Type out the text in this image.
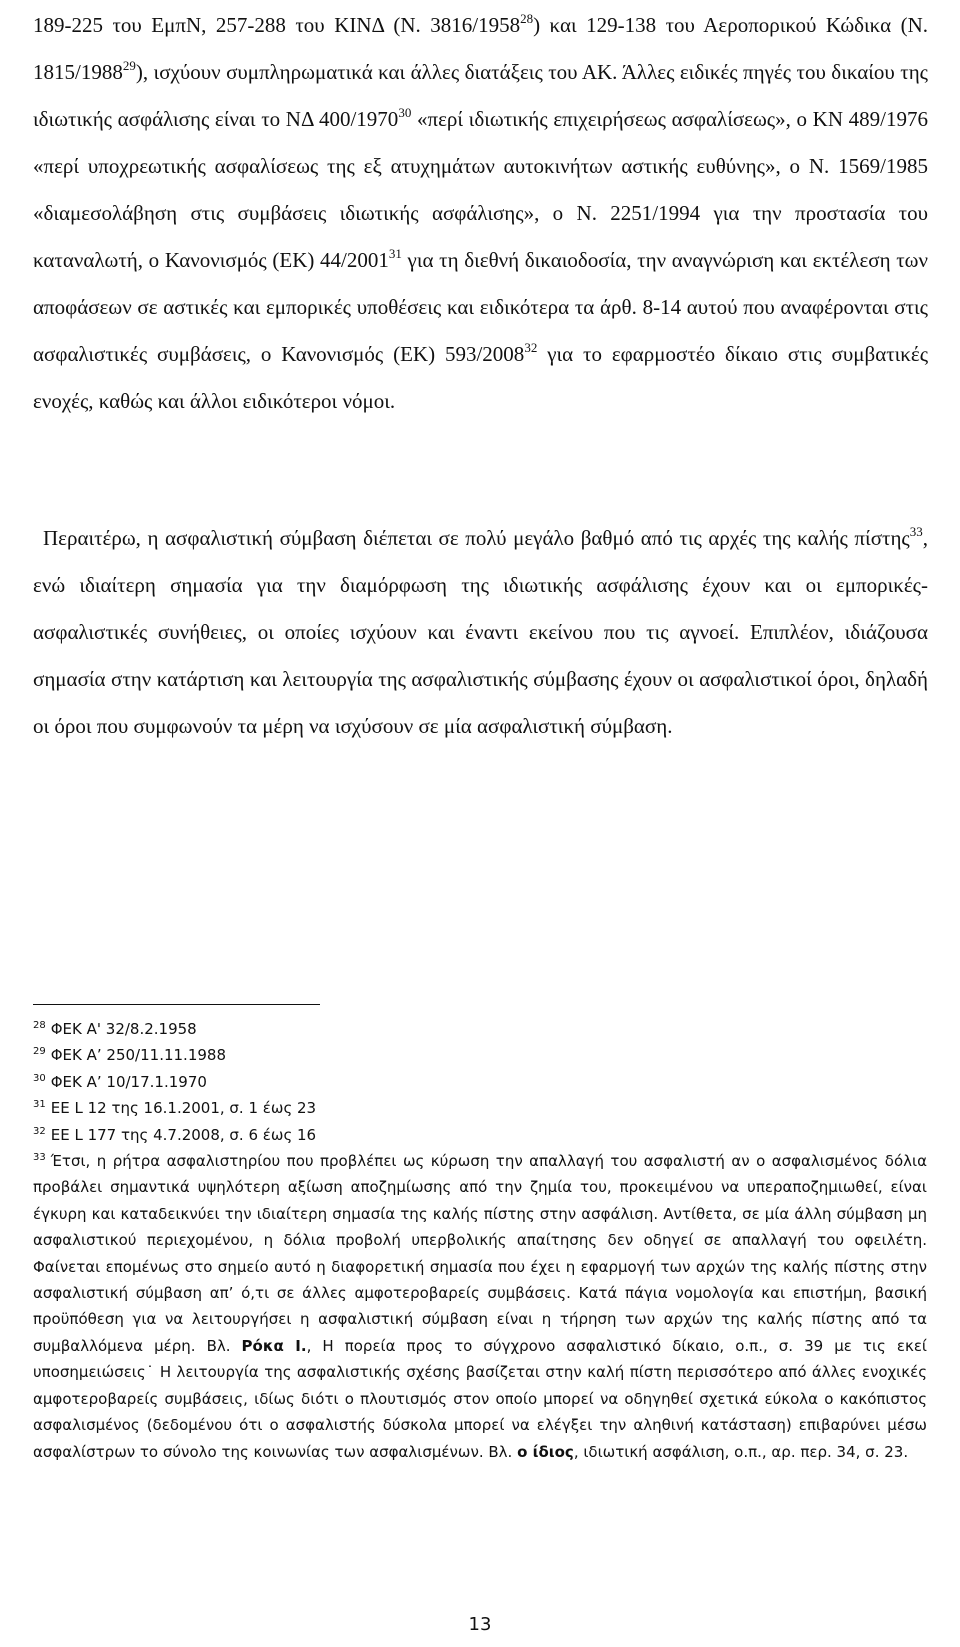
189-225 του ΕμπΝ, 257-288 του ΚΙΝΔ (Ν. 3816/1958$^{28}$) και 129-138 του Αεροπορικού Κώδικα (Ν. 1815/1988$^{29}$), ισχύουν συμπληρωματικά και άλλες διατάξεις του ΑΚ. Άλλες ειδικές πηγές του δικαίου της ιδιωτικής ασφάλισης είναι το ΝΔ 400/1970$^{30}$ «περί ιδιωτικής επιχειρήσεως ασφαλίσεως», ο ΚΝ 489/1976 «περί υποχρεωτικής ασφαλίσεως της εξ ατυχημάτων αυτοκινήτων αστικής ευθύνης», ο Ν. 1569/1985 «διαμεσολάβηση στις συμβάσεις ιδιωτικής ασφάλισης», ο Ν. 2251/1994 για την προστασία του καταναλωτή, ο Κανονισμός (ΕΚ) 44/2001$^{31}$ για τη διεθνή δικαιοδοσία, την αναγνώριση και εκτέλεση των αποφάσεων σε αστικές και εμπορικές υποθέσεις και ειδικότερα τα άρθ. 8-14 αυτού που αναφέρονται στις ασφαλιστικές συμβάσεις, ο Κανονισμός (ΕΚ) 593/2008$^{32}$ για το εφαρμοστέο δίκαιο στις συμβατικές ενοχές, καθώς και άλλοι ειδικότεροι νόμοι.

Περαιτέρω, η ασφαλιστική σύμβαση διέπεται σε πολύ μεγάλο βαθμό από τις αρχές της καλής πίστης$^{33}$, ενώ ιδιαίτερη σημασία για την διαμόρφωση της ιδιωτικής ασφάλισης έχουν και οι εμπορικές-ασφαλιστικές συνήθειες, οι οποίες ισχύουν και έναντι εκείνου που τις αγνοεί. Επιπλέον, ιδιάζουσα σημασία στην κατάρτιση και λειτουργία της ασφαλιστικής σύμβασης έχουν οι ασφαλιστικοί όροι, δηλαδή οι όροι που συμφωνούν τα μέρη να ισχύσουν σε μία ασφαλιστική σύμβαση.

$^{28}$ ΦΕΚ Α' 32/8.2.1958

$^{29}$ ΦΕΚ Α’ 250/11.11.1988

$^{30}$ ΦΕΚ Α’ 10/17.1.1970

$^{31}$ ΕΕ L 12 της 16.1.2001, σ. 1 έως 23

$^{32}$ ΕΕ L 177 της 4.7.2008, σ. 6 έως 16

$^{33}$ Έτσι, η ρήτρα ασφαλιστηρίου που προβλέπει ως κύρωση την απαλλαγή του ασφαλιστή αν ο ασφαλισμένος δόλια προβάλει σημαντικά υψηλότερη αξίωση αποζημίωσης από την ζημία του, προκειμένου να υπεραποζημιωθεί, είναι έγκυρη και καταδεικνύει την ιδιαίτερη σημασία της καλής πίστης στην ασφάλιση. Αντίθετα, σε μία άλλη σύμβαση μη ασφαλιστικού περιεχομένου, η δόλια προβολή υπερβολικής απαίτησης δεν οδηγεί σε απαλλαγή του οφειλέτη. Φαίνεται επομένως στο σημείο αυτό η διαφορετική σημασία που έχει η εφαρμογή των αρχών της καλής πίστης στην ασφαλιστική σύμβαση απ’ ό,τι σε άλλες αμφοτεροβαρείς συμβάσεις. Κατά πάγια νομολογία και επιστήμη, βασική προϋπόθεση για να λειτουργήσει η ασφαλιστική σύμβαση είναι η τήρηση των αρχών της καλής πίστης από τα συμβαλλόμενα μέρη. Βλ. Ρόκα Ι., Η πορεία προς το σύγχρονο ασφαλιστικό δίκαιο, ο.π., σ. 39 με τις εκεί υποσημειώσεις˙ Η λειτουργία της ασφαλιστικής σχέσης βασίζεται στην καλή πίστη περισσότερο από άλλες ενοχικές αμφοτεροβαρείς συμβάσεις, ιδίως διότι ο πλουτισμός στον οποίο μπορεί να οδηγηθεί σχετικά εύκολα ο κακόπιστος ασφαλισμένος (δεδομένου ότι ο ασφαλιστής δύσκολα μπορεί να ελέγξει την αληθινή κατάσταση) επιβαρύνει μέσω ασφαλίστρων το σύνολο της κοινωνίας των ασφαλισμένων. Βλ. ο ίδιος, ιδιωτική ασφάλιση, ο.π., αρ. περ. 34, σ. 23.

13
